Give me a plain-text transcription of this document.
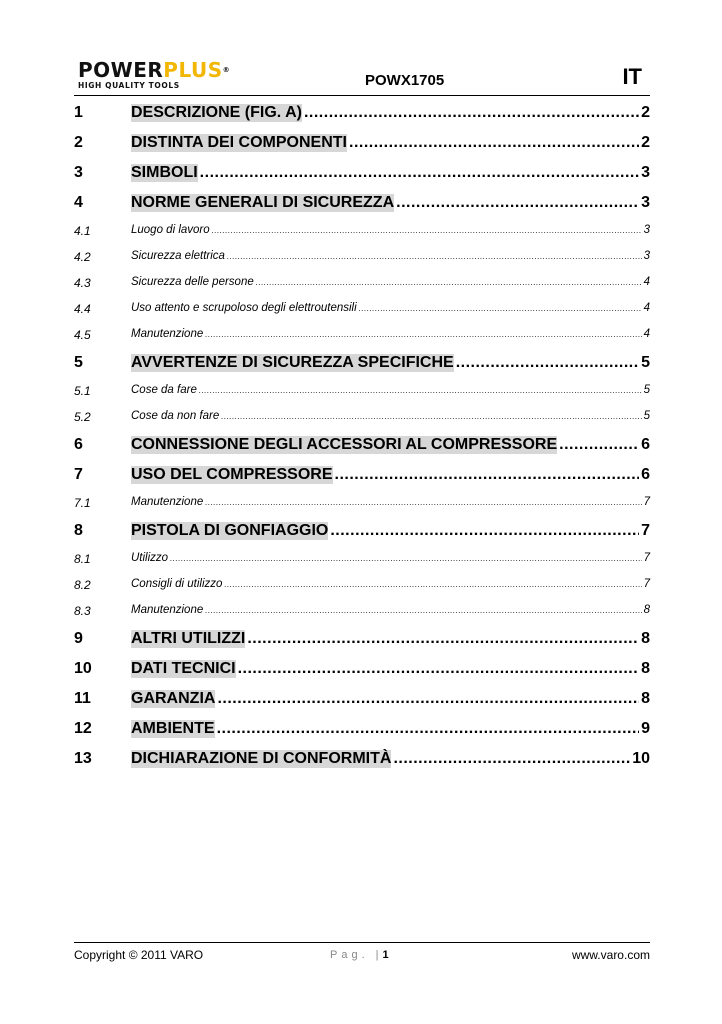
POWERPLUS®
HIGH QUALITY TOOLS	POWX1705	IT
1	DESCRIZIONE (FIG. A) .....	2
2	DISTINTA DEI COMPONENTI .....	2
3	SIMBOLI .....	3
4	NORME GENERALI DI SICUREZZA .....	3
4.1	Luogo di lavoro .....	3
4.2	Sicurezza elettrica .....	3
4.3	Sicurezza delle persone .....	4
4.4	Uso attento e scrupoloso degli elettroutensili .....	4
4.5	Manutenzione .....	4
5	AVVERTENZE DI SICUREZZA SPECIFICHE .....	5
5.1	Cose da fare .....	5
5.2	Cose da non fare .....	5
6	CONNESSIONE DEGLI ACCESSORI AL COMPRESSORE .....	6
7	USO DEL COMPRESSORE .....	6
7.1	Manutenzione .....	7
8	PISTOLA DI GONFIAGGIO .....	7
8.1	Utilizzo .....	7
8.2	Consigli di utilizzo .....	7
8.3	Manutenzione .....	8
9	ALTRI UTILIZZI .....	8
10 DATI TECNICI .....	8
11	GARANZIA .....	8
12 AMBIENTE .....	9
13 DICHIARAZIONE DI CONFORMITÀ .....	10
Copyright © 2011 VARO	Pag. |1	www.varo.com
